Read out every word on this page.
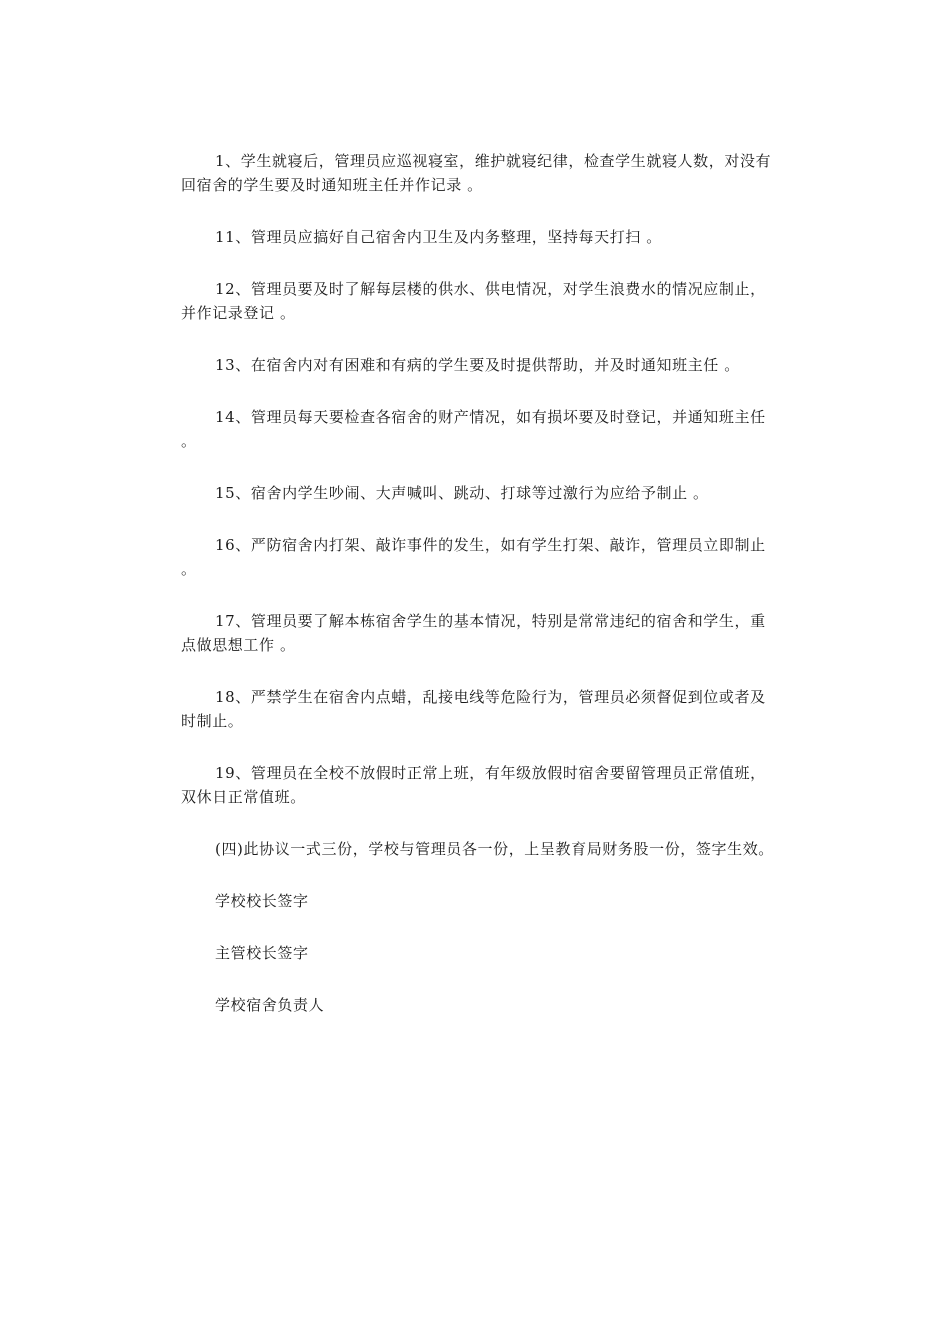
1、学生就寝后，管理员应巡视寝室，维护就寝纪律，检查学生就寝人数，对没有回宿舍的学生要及时通知班主任并作记录 。

11、管理员应搞好自己宿舍内卫生及内务整理，坚持每天打扫 。

12、管理员要及时了解每层楼的供水、供电情况，对学生浪费水的情况应制止，并作记录登记 。

13、在宿舍内对有困难和有病的学生要及时提供帮助，并及时通知班主任 。

14、管理员每天要检查各宿舍的财产情况，如有损坏要及时登记，并通知班主任 。

15、宿舍内学生吵闹、大声喊叫、跳动、打球等过激行为应给予制止 。

16、严防宿舍内打架、敲诈事件的发生，如有学生打架、敲诈，管理员立即制止 。

17、管理员要了解本栋宿舍学生的基本情况，特别是常常违纪的宿舍和学生，重点做思想工作 。

18、严禁学生在宿舍内点蜡，乱接电线等危险行为，管理员必须督促到位或者及时制止。

19、管理员在全校不放假时正常上班，有年级放假时宿舍要留管理员正常值班，双休日正常值班。

(四)此协议一式三份，学校与管理员各一份，上呈教育局财务股一份，签字生效。

学校校长签字

主管校长签字

学校宿舍负责人
